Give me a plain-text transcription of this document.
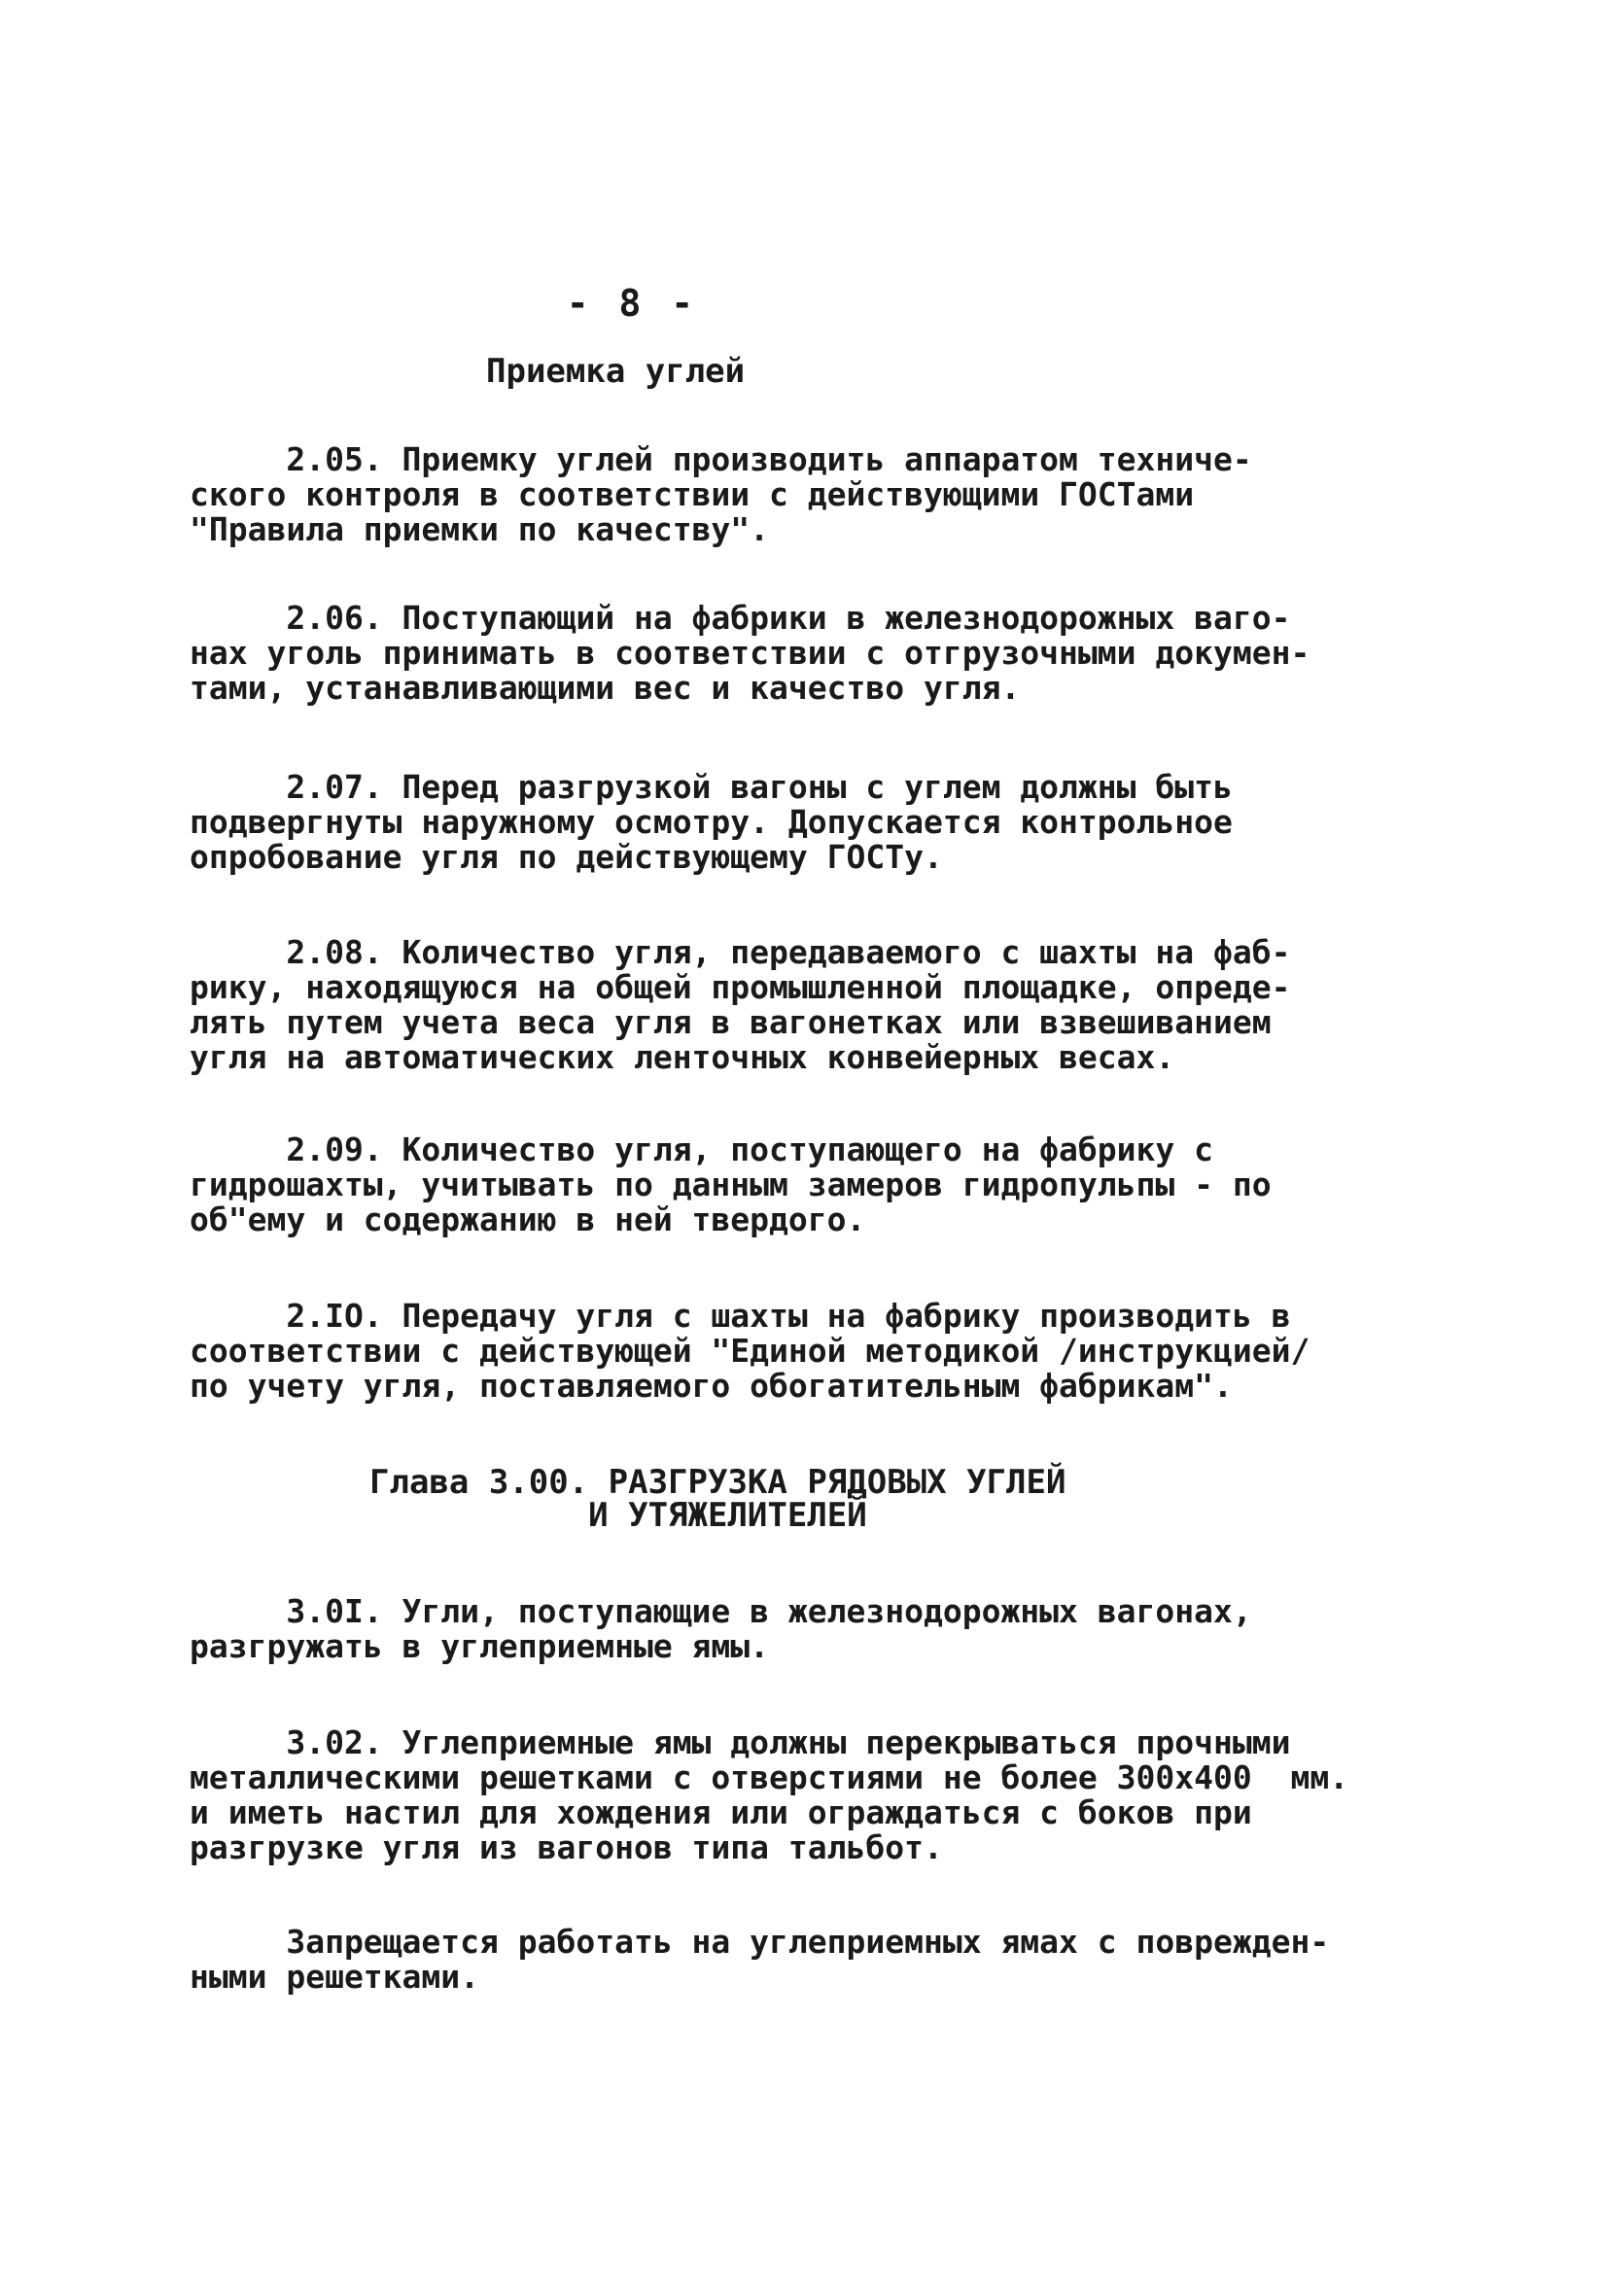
- 8 -
Приемка углей

2.05. Приемку углей производить аппаратом техниче-
ского контроля в соответствии с действующими ГОСТами
"Правила приемки по качеству".

2.06. Поступающий на фабрики в железнодорожных ваго-
нах уголь принимать в соответствии с отгрузочными докумен-
тами, устанавливающими вес и качество угля.

2.07. Перед разгрузкой вагоны с углем должны быть
подвергнуты наружному осмотру. Допускается контрольное
опробование угля по действующему ГОСТу.

2.08. Количество угля, передаваемого с шахты на фаб-
рику, находящуюся на общей промышленной площадке, опреде-
лять путем учета веса угля в вагонетках или взвешиванием
угля на автоматических ленточных конвейерных весах.

2.09. Количество угля, поступающего на фабрику с
гидрошахты, учитывать по данным замеров гидропульпы - по
об"ему и содержанию в ней твердого.

2.IO. Передачу угля с шахты на фабрику производить в
соответствии с действующей "Единой методикой /инструкцией/
по учету угля, поставляемого обогатительным фабрикам".

Глава 3.00. РАЗГРУЗКА РЯДОВЫХ УГЛЕЙ
И УТЯЖЕЛИТЕЛЕЙ

3.0I. Угли, поступающие в железнодорожных вагонах,
разгружать в углеприемные ямы.

3.02. Углеприемные ямы должны перекрываться прочными
металлическими решетками с отверстиями не более 300х400  мм.
и иметь настил для хождения или ограждаться с боков при
разгрузке угля из вагонов типа тальбот.

Запрещается работать на углеприемных ямах с поврежден-
ными решетками.
